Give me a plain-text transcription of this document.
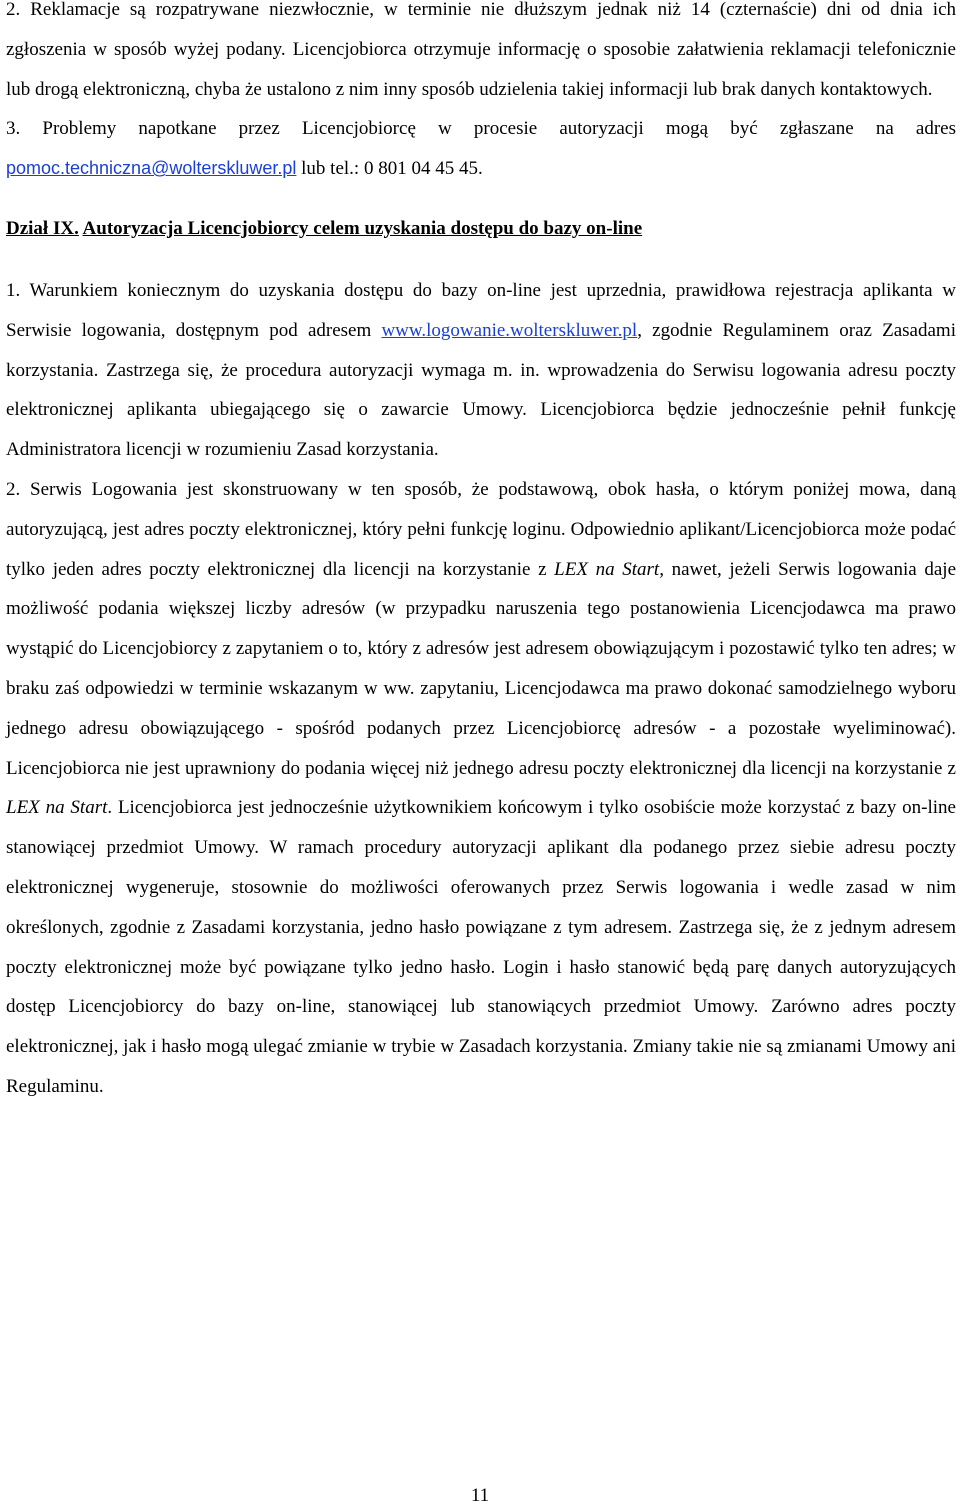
2. Reklamacje są rozpatrywane niezwłocznie, w terminie nie dłuższym jednak niż 14 (czternaście) dni od dnia ich zgłoszenia w sposób wyżej podany. Licencjobiorca otrzymuje informację o sposobie załatwienia reklamacji telefonicznie lub drogą elektroniczną, chyba że ustalono z nim inny sposób udzielenia takiej informacji lub brak danych kontaktowych.

3. Problemy napotkane przez Licencjobiorcę w procesie autoryzacji mogą być zgłaszane na adres pomoc.techniczna@wolterskluwer.pl lub tel.: 0 801 04 45 45.

Dział IX. Autoryzacja Licencjobiorcy celem uzyskania dostępu do bazy on-line

1. Warunkiem koniecznym do uzyskania dostępu do bazy on-line jest uprzednia, prawidłowa rejestracja aplikanta w Serwisie logowania, dostępnym pod adresem www.logowanie.wolterskluwer.pl, zgodnie Regulaminem oraz Zasadami korzystania. Zastrzega się, że procedura autoryzacji wymaga m. in. wprowadzenia do Serwisu logowania adresu poczty elektronicznej aplikanta ubiegającego się o zawarcie Umowy. Licencjobiorca będzie jednocześnie pełnił funkcję Administratora licencji w rozumieniu Zasad korzystania.

2. Serwis Logowania jest skonstruowany w ten sposób, że podstawową, obok hasła, o którym poniżej mowa, daną autoryzującą, jest adres poczty elektronicznej, który pełni funkcję loginu. Odpowiednio aplikant/Licencjobiorca może podać tylko jeden adres poczty elektronicznej dla licencji na korzystanie z LEX na Start, nawet, jeżeli Serwis logowania daje możliwość podania większej liczby adresów (w przypadku naruszenia tego postanowienia Licencjodawca ma prawo wystąpić do Licencjobiorcy z zapytaniem o to, który z adresów jest adresem obowiązującym i pozostawić tylko ten adres; w braku zaś odpowiedzi w terminie wskazanym w ww. zapytaniu, Licencjodawca ma prawo dokonać samodzielnego wyboru jednego adresu obowiązującego - spośród podanych przez Licencjobiorcę adresów - a pozostałe wyeliminować). Licencjobiorca nie jest uprawniony do podania więcej niż jednego adresu poczty elektronicznej dla licencji na korzystanie z LEX na Start. Licencjobiorca jest jednocześnie użytkownikiem końcowym i tylko osobiście może korzystać z bazy on-line stanowiącej przedmiot Umowy. W ramach procedury autoryzacji aplikant dla podanego przez siebie adresu poczty elektronicznej wygeneruje, stosownie do możliwości oferowanych przez Serwis logowania i wedle zasad w nim określonych, zgodnie z Zasadami korzystania, jedno hasło powiązane z tym adresem. Zastrzega się, że z jednym adresem poczty elektronicznej może być powiązane tylko jedno hasło. Login i hasło stanowić będą parę danych autoryzujących dostęp Licencjobiorcy do bazy on-line, stanowiącej lub stanowiących przedmiot Umowy. Zarówno adres poczty elektronicznej, jak i hasło mogą ulegać zmianie w trybie w Zasadach korzystania. Zmiany takie nie są zmianami Umowy ani Regulaminu.

11
